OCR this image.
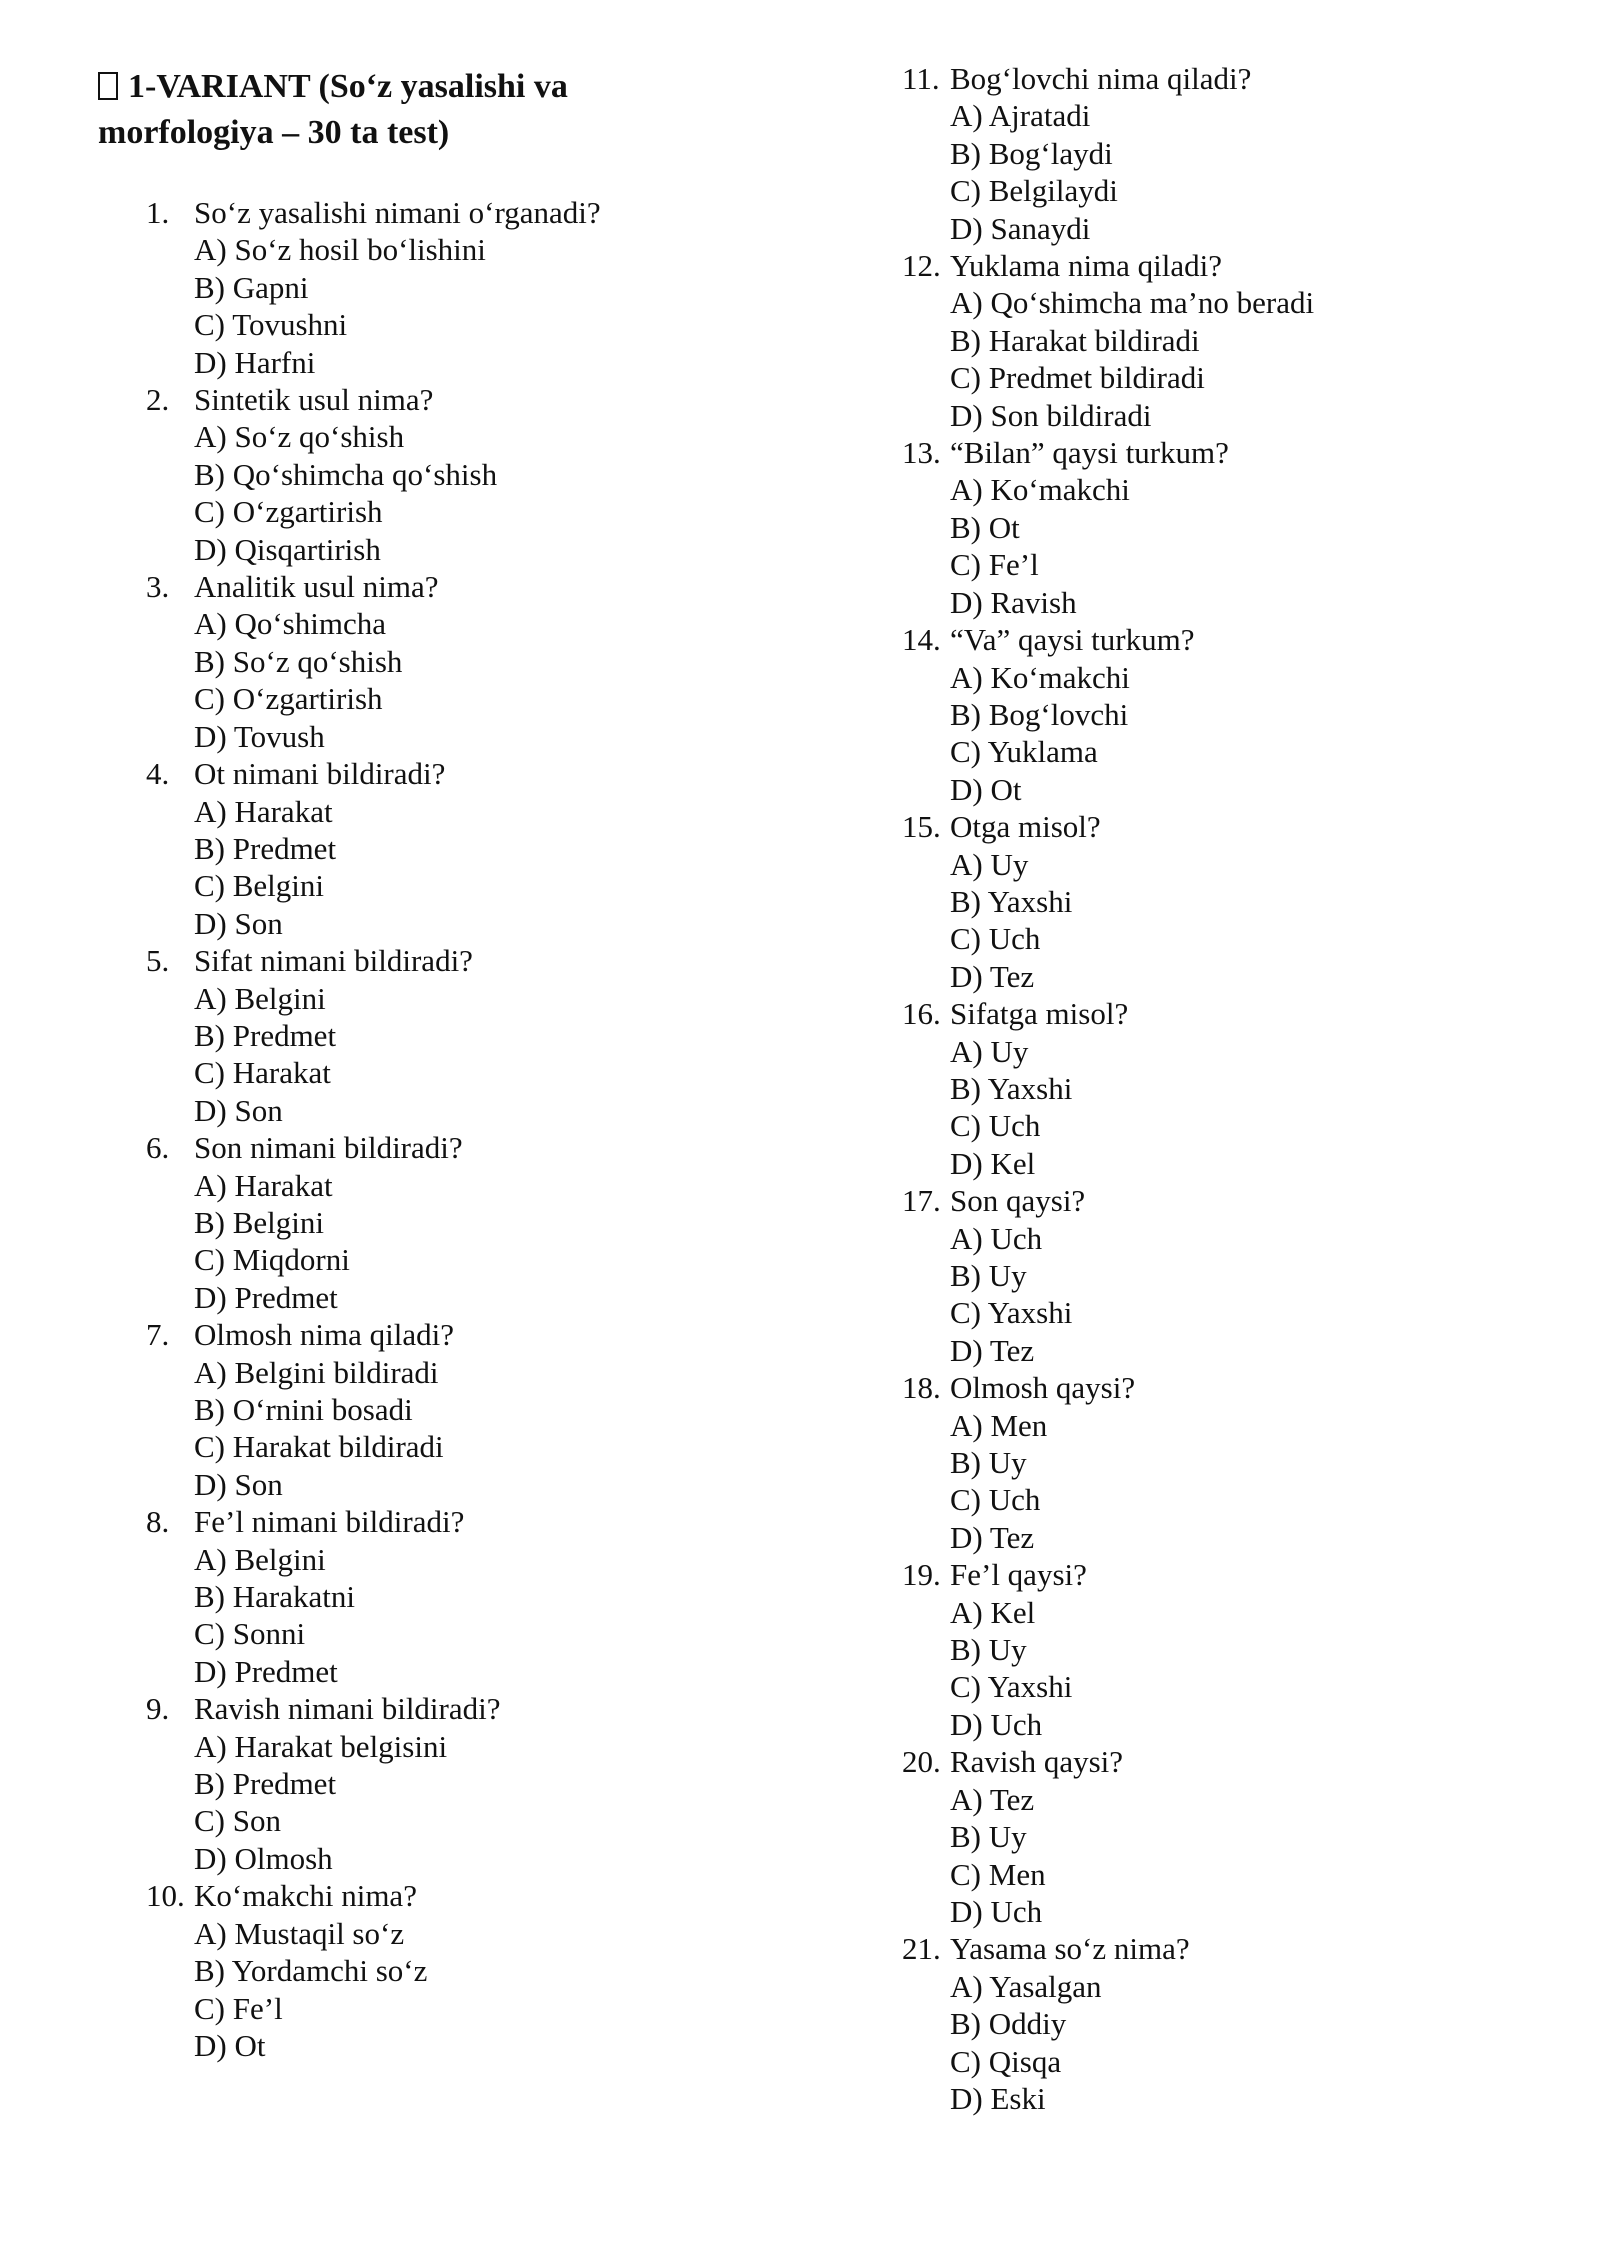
1-VARIANT (So‘z yasalishi va morfologiya – 30 ta test)
1. So‘z yasalishi nimani o‘rganadi?
A) So‘z hosil bo‘lishini
B) Gapni
C) Tovushni
D) Harfni
2. Sintetik usul nima?
A) So‘z qo‘shish
B) Qo‘shimcha qo‘shish
C) O‘zgartirish
D) Qisqartirish
3. Analitik usul nima?
A) Qo‘shimcha
B) So‘z qo‘shish
C) O‘zgartirish
D) Tovush
4. Ot nimani bildiradi?
A) Harakat
B) Predmet
C) Belgini
D) Son
5. Sifat nimani bildiradi?
A) Belgini
B) Predmet
C) Harakat
D) Son
6. Son nimani bildiradi?
A) Harakat
B) Belgini
C) Miqdorni
D) Predmet
7. Olmosh nima qiladi?
A) Belgini bildiradi
B) O‘rnini bosadi
C) Harakat bildiradi
D) Son
8. Fe’l nimani bildiradi?
A) Belgini
B) Harakatni
C) Sonni
D) Predmet
9. Ravish nimani bildiradi?
A) Harakat belgisini
B) Predmet
C) Son
D) Olmosh
10. Ko‘makchi nima?
A) Mustaqil so‘z
B) Yordamchi so‘z
C) Fe’l
D) Ot
11. Bog‘lovchi nima qiladi?
A) Ajratadi
B) Bog‘laydi
C) Belgilaydi
D) Sanaydi
12. Yuklama nima qiladi?
A) Qo‘shimcha ma’no beradi
B) Harakat bildiradi
C) Predmet bildiradi
D) Son bildiradi
13. “Bilan” qaysi turkum?
A) Ko‘makchi
B) Ot
C) Fe’l
D) Ravish
14. “Va” qaysi turkum?
A) Ko‘makchi
B) Bog‘lovchi
C) Yuklama
D) Ot
15. Otga misol?
A) Uy
B) Yaxshi
C) Uch
D) Tez
16. Sifatga misol?
A) Uy
B) Yaxshi
C) Uch
D) Kel
17. Son qaysi?
A) Uch
B) Uy
C) Yaxshi
D) Tez
18. Olmosh qaysi?
A) Men
B) Uy
C) Uch
D) Tez
19. Fe’l qaysi?
A) Kel
B) Uy
C) Yaxshi
D) Uch
20. Ravish qaysi?
A) Tez
B) Uy
C) Men
D) Uch
21. Yasama so‘z nima?
A) Yasalgan
B) Oddiy
C) Qisqa
D) Eski
